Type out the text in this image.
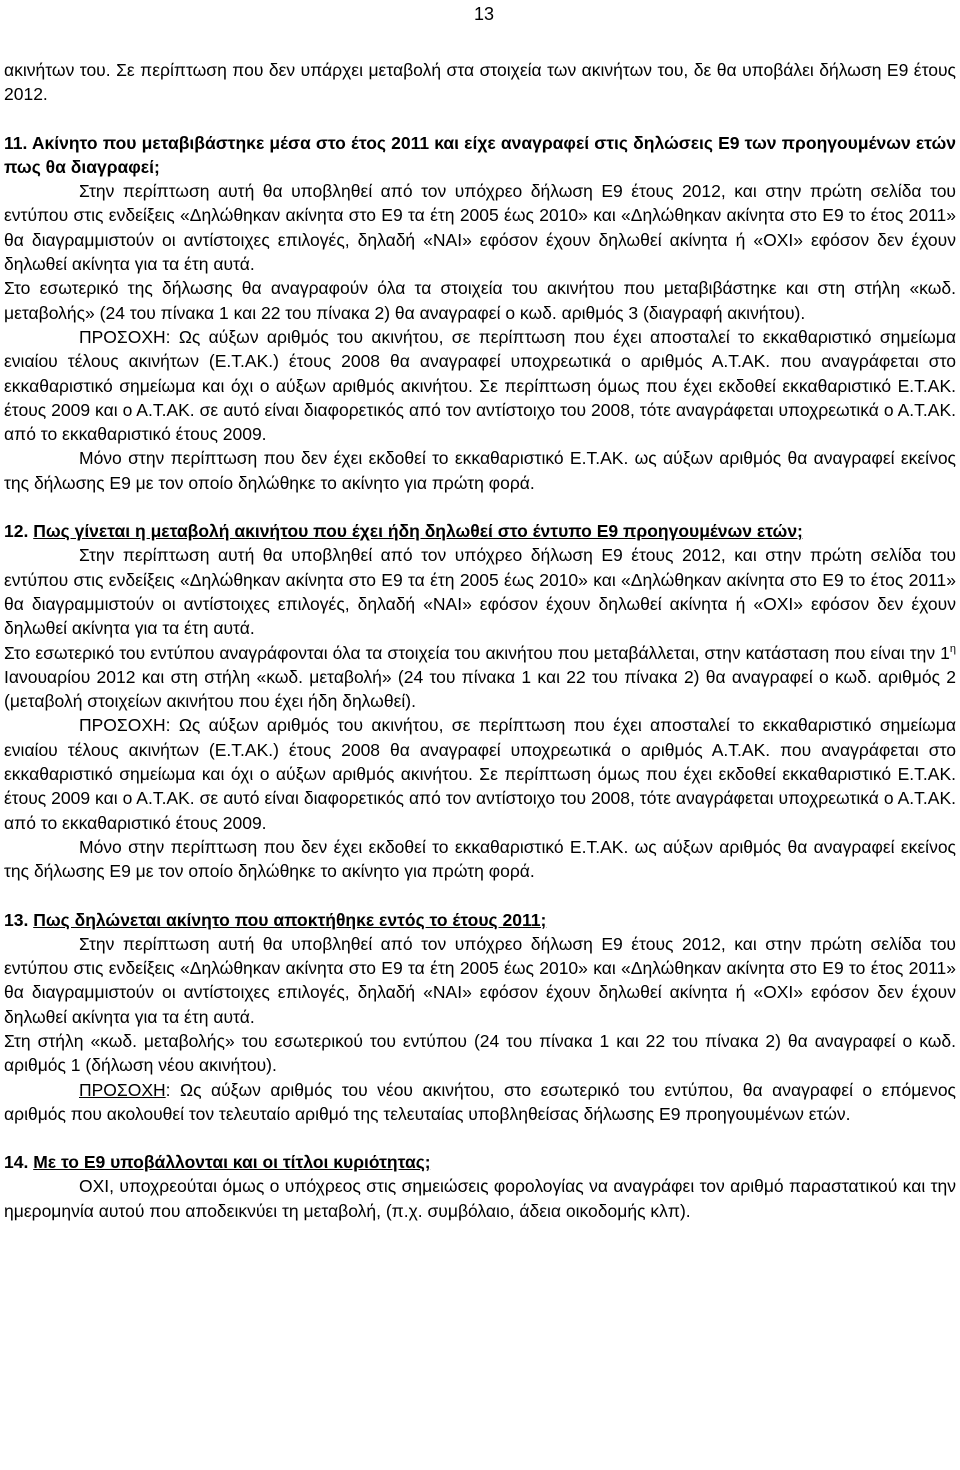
13

ακινήτων του. Σε περίπτωση που δεν υπάρχει μεταβολή στα στοιχεία των ακινήτων του, δε θα υποβάλει δήλωση Ε9 έτους 2012.

11. Ακίνητο που μεταβιβάστηκε μέσα στο έτος 2011 και είχε αναγραφεί στις δηλώσεις Ε9 των προηγουμένων ετών πως θα διαγραφεί;

Στην περίπτωση αυτή θα υποβληθεί από τον υπόχρεο δήλωση Ε9 έτους 2012, και στην πρώτη σελίδα του εντύπου στις ενδείξεις «Δηλώθηκαν ακίνητα στο Ε9 τα έτη 2005 έως 2010» και «Δηλώθηκαν ακίνητα στο Ε9 το έτος 2011» θα διαγραμμιστούν οι αντίστοιχες επιλογές, δηλαδή «ΝΑΙ» εφόσον έχουν δηλωθεί ακίνητα ή «ΟΧΙ» εφόσον δεν έχουν δηλωθεί ακίνητα για τα έτη αυτά.

Στο εσωτερικό της δήλωσης θα αναγραφούν όλα τα στοιχεία του ακινήτου που μεταβιβάστηκε και στη στήλη «κωδ. μεταβολής» (24 του πίνακα 1 και 22 του πίνακα 2) θα αναγραφεί ο κωδ. αριθμός 3 (διαγραφή ακινήτου).

ΠΡΟΣΟΧΗ: Ως αύξων αριθμός του ακινήτου, σε περίπτωση που έχει αποσταλεί το εκκαθαριστικό σημείωμα ενιαίου τέλους ακινήτων (Ε.Τ.ΑΚ.) έτους 2008 θα αναγραφεί υποχρεωτικά ο αριθμός Α.Τ.ΑΚ. που αναγράφεται στο εκκαθαριστικό σημείωμα και όχι ο αύξων αριθμός ακινήτου. Σε περίπτωση όμως που έχει εκδοθεί εκκαθαριστικό Ε.Τ.ΑΚ. έτους 2009 και ο Α.Τ.ΑΚ. σε αυτό είναι διαφορετικός από τον αντίστοιχο του 2008, τότε αναγράφεται υποχρεωτικά ο Α.Τ.ΑΚ. από το εκκαθαριστικό έτους 2009.

Μόνο στην περίπτωση που δεν έχει εκδοθεί το εκκαθαριστικό Ε.Τ.ΑΚ. ως αύξων αριθμός θα αναγραφεί εκείνος της δήλωσης Ε9 με τον οποίο δηλώθηκε το ακίνητο για πρώτη φορά.

12. Πως γίνεται η μεταβολή ακινήτου που έχει ήδη δηλωθεί στο έντυπο Ε9 προηγουμένων ετών;

Στην περίπτωση αυτή θα υποβληθεί από τον υπόχρεο δήλωση Ε9 έτους 2012, και στην πρώτη σελίδα του εντύπου στις ενδείξεις «Δηλώθηκαν ακίνητα στο Ε9 τα έτη 2005 έως 2010» και «Δηλώθηκαν ακίνητα στο Ε9 το έτος 2011» θα διαγραμμιστούν οι αντίστοιχες επιλογές, δηλαδή «ΝΑΙ» εφόσον έχουν δηλωθεί ακίνητα ή «ΟΧΙ» εφόσον δεν έχουν δηλωθεί ακίνητα για τα έτη αυτά.

Στο εσωτερικό του εντύπου αναγράφονται όλα τα στοιχεία του ακινήτου που μεταβάλλεται, στην κατάσταση που είναι την $1^\eta$ Ιανουαρίου 2012 και στη στήλη «κωδ. μεταβολή» (24 του πίνακα 1 και 22 του πίνακα 2) θα αναγραφεί ο κωδ. αριθμός 2 (μεταβολή στοιχείων ακινήτου που έχει ήδη δηλωθεί).

ΠΡΟΣΟΧΗ: Ως αύξων αριθμός του ακινήτου, σε περίπτωση που έχει αποσταλεί το εκκαθαριστικό σημείωμα ενιαίου τέλους ακινήτων (Ε.Τ.ΑΚ.) έτους 2008 θα αναγραφεί υποχρεωτικά ο αριθμός Α.Τ.ΑΚ. που αναγράφεται στο εκκαθαριστικό σημείωμα και όχι ο αύξων αριθμός ακινήτου. Σε περίπτωση όμως που έχει εκδοθεί εκκαθαριστικό Ε.Τ.ΑΚ. έτους 2009 και ο Α.Τ.ΑΚ. σε αυτό είναι διαφορετικός από τον αντίστοιχο του 2008, τότε αναγράφεται υποχρεωτικά ο Α.Τ.ΑΚ. από το εκκαθαριστικό έτους 2009.

Μόνο στην περίπτωση που δεν έχει εκδοθεί το εκκαθαριστικό Ε.Τ.ΑΚ. ως αύξων αριθμός θα αναγραφεί εκείνος της δήλωσης Ε9 με τον οποίο δηλώθηκε το ακίνητο για πρώτη φορά.

13. Πως δηλώνεται ακίνητο που αποκτήθηκε εντός το έτους 2011;

Στην περίπτωση αυτή θα υποβληθεί από τον υπόχρεο δήλωση Ε9 έτους 2012, και στην πρώτη σελίδα του εντύπου στις ενδείξεις «Δηλώθηκαν ακίνητα στο Ε9 τα έτη 2005 έως 2010» και «Δηλώθηκαν ακίνητα στο Ε9 το έτος 2011» θα διαγραμμιστούν οι αντίστοιχες επιλογές, δηλαδή «ΝΑΙ» εφόσον έχουν δηλωθεί ακίνητα ή «ΟΧΙ» εφόσον δεν έχουν δηλωθεί ακίνητα για τα έτη αυτά.

Στη στήλη «κωδ. μεταβολής» του εσωτερικού του εντύπου (24 του πίνακα 1 και 22 του πίνακα 2) θα αναγραφεί ο κωδ. αριθμός 1 (δήλωση νέου ακινήτου).

ΠΡΟΣΟΧΗ: Ως αύξων αριθμός του νέου ακινήτου, στο εσωτερικό του εντύπου, θα αναγραφεί ο επόμενος αριθμός που ακολουθεί τον τελευταίο αριθμό της τελευταίας υποβληθείσας δήλωσης Ε9 προηγουμένων ετών.

14. Με το Ε9 υποβάλλονται και οι τίτλοι κυριότητας;

ΟΧΙ, υποχρεούται όμως ο υπόχρεος στις σημειώσεις φορολογίας να αναγράφει τον αριθμό παραστατικού και την ημερομηνία αυτού που αποδεικνύει τη μεταβολή, (π.χ. συμβόλαιο, άδεια οικοδομής κλπ).
